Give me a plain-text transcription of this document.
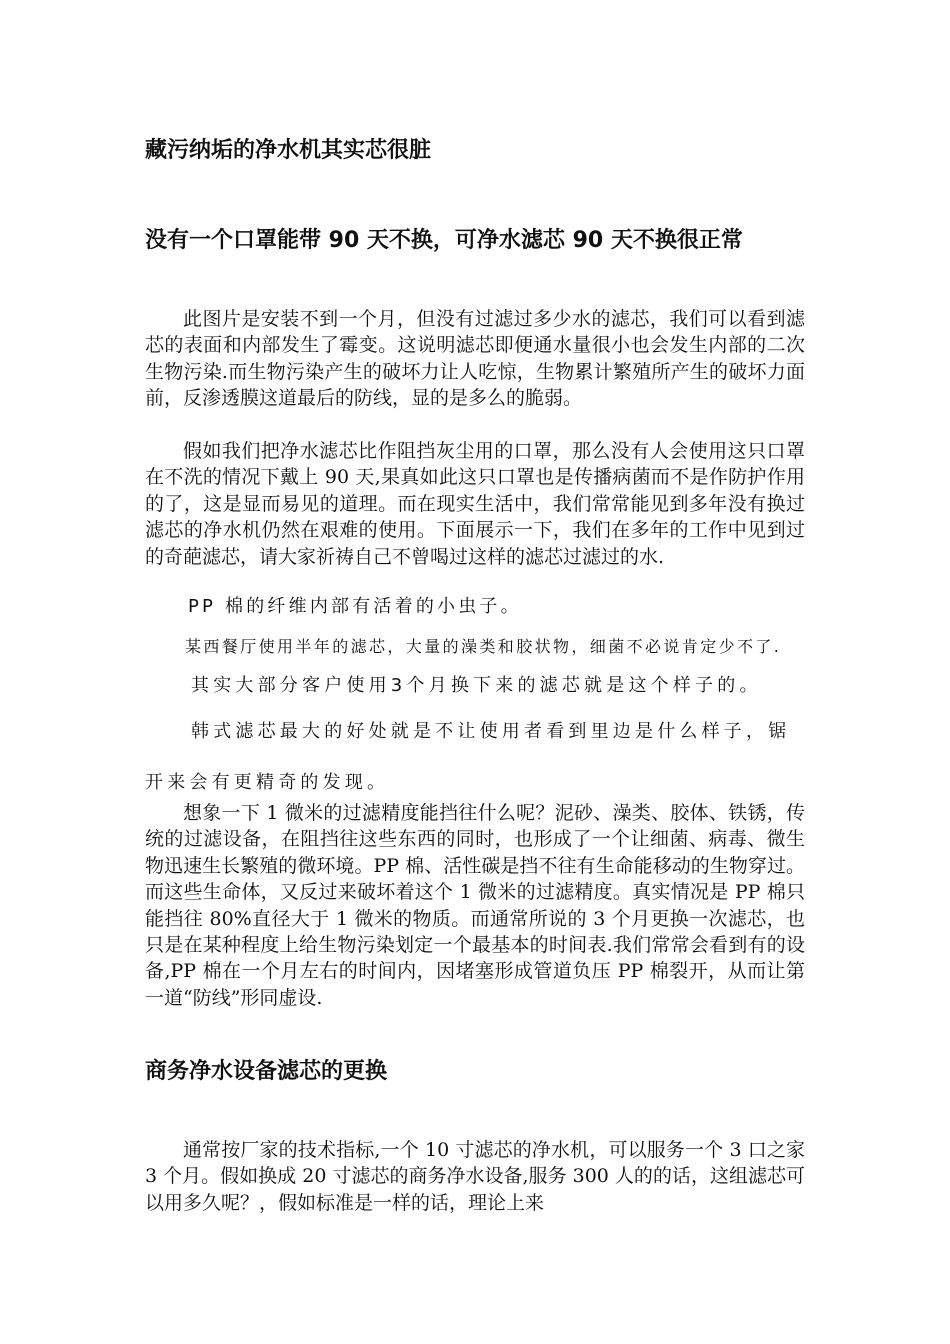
藏污纳垢的净水机其实芯很脏
没有一个口罩能带 90 天不换，可净水滤芯 90 天不换很正常

此图片是安装不到一个月，但没有过滤过多少水的滤芯，我们可以看到滤芯的表面和内部发生了霉变。这说明滤芯即便通水量很小也会发生内部的二次生物污染.而生物污染产生的破坏力让人吃惊，生物累计繁殖所产生的破坏力面前，反渗透膜这道最后的防线，显的是多么的脆弱。

假如我们把净水滤芯比作阻挡灰尘用的口罩，那么没有人会使用这只口罩在不洗的情况下戴上 90 天,果真如此这只口罩也是传播病菌而不是作防护作用的了，这是显而易见的道理。而在现实生活中，我们常常能见到多年没有换过滤芯的净水机仍然在艰难的使用。下面展示一下，我们在多年的工作中见到过的奇葩滤芯，请大家祈祷自己不曾喝过这样的滤芯过滤过的水.

PP 棉的纤维内部有活着的小虫子。
某西餐厅使用半年的滤芯，大量的澡类和胶状物，细菌不必说肯定少不了.
其实大部分客户使用3个月换下来的滤芯就是这个样子的。
韩式滤芯最大的好处就是不让使用者看到里边是什么样子，锯
开来会有更精奇的发现。

想象一下 1 微米的过滤精度能挡往什么呢？泥砂、澡类、胶体、铁锈，传统的过滤设备，在阻挡往这些东西的同时，也形成了一个让细菌、病毒、微生物迅速生长繁殖的微环境。PP 棉、活性碳是挡不往有生命能移动的生物穿过。而这些生命体，又反过来破坏着这个 1 微米的过滤精度。真实情况是 PP 棉只能挡往 80%直径大于 1 微米的物质。而通常所说的 3 个月更换一次滤芯，也只是在某种程度上给生物污染划定一个最基本的时间表.我们常常会看到有的设备,PP 棉在一个月左右的时间内，因堵塞形成管道负压 PP 棉裂开，从而让第一道“防线”形同虚设.

商务净水设备滤芯的更换

通常按厂家的技术指标,一个 10 寸滤芯的净水机，可以服务一个 3 口之家 3 个月。假如换成 20 寸滤芯的商务净水设备,服务 300 人的的话，这组滤芯可以用多久呢？，假如标准是一样的话，理论上来
